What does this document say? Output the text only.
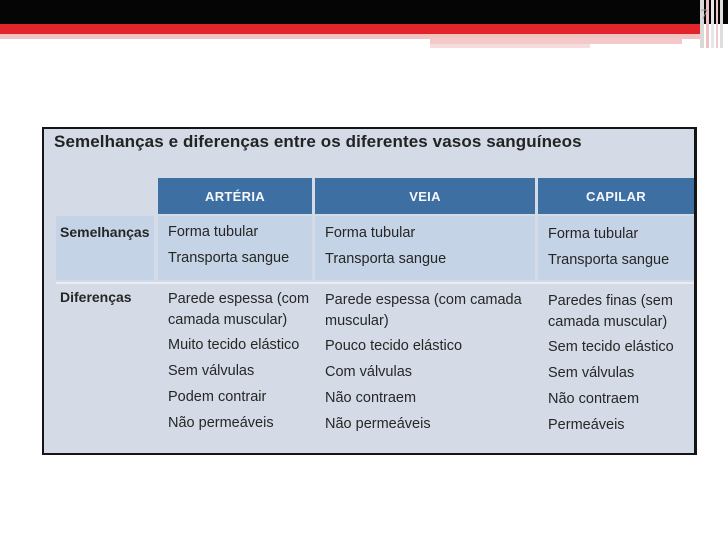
7
Semelhanças e diferenças entre os diferentes vasos sanguíneos
ARTÉRIA	VEIA	CAPILAR
Semelhanças
Diferenças
Forma tubular
Transporta sangue
Forma tubular
Transporta sangue
Forma tubular
Transporta sangue
Parede espessa (com
camada muscular)
Muito tecido elástico
Sem válvulas
Podem contrair
Não permeáveis
Parede espessa (com camada
muscular)
Pouco tecido elástico
Com válvulas
Não contraem
Não permeáveis
Paredes finas (sem
camada muscular)
Sem tecido elástico
Sem válvulas
Não contraem
Permeáveis
